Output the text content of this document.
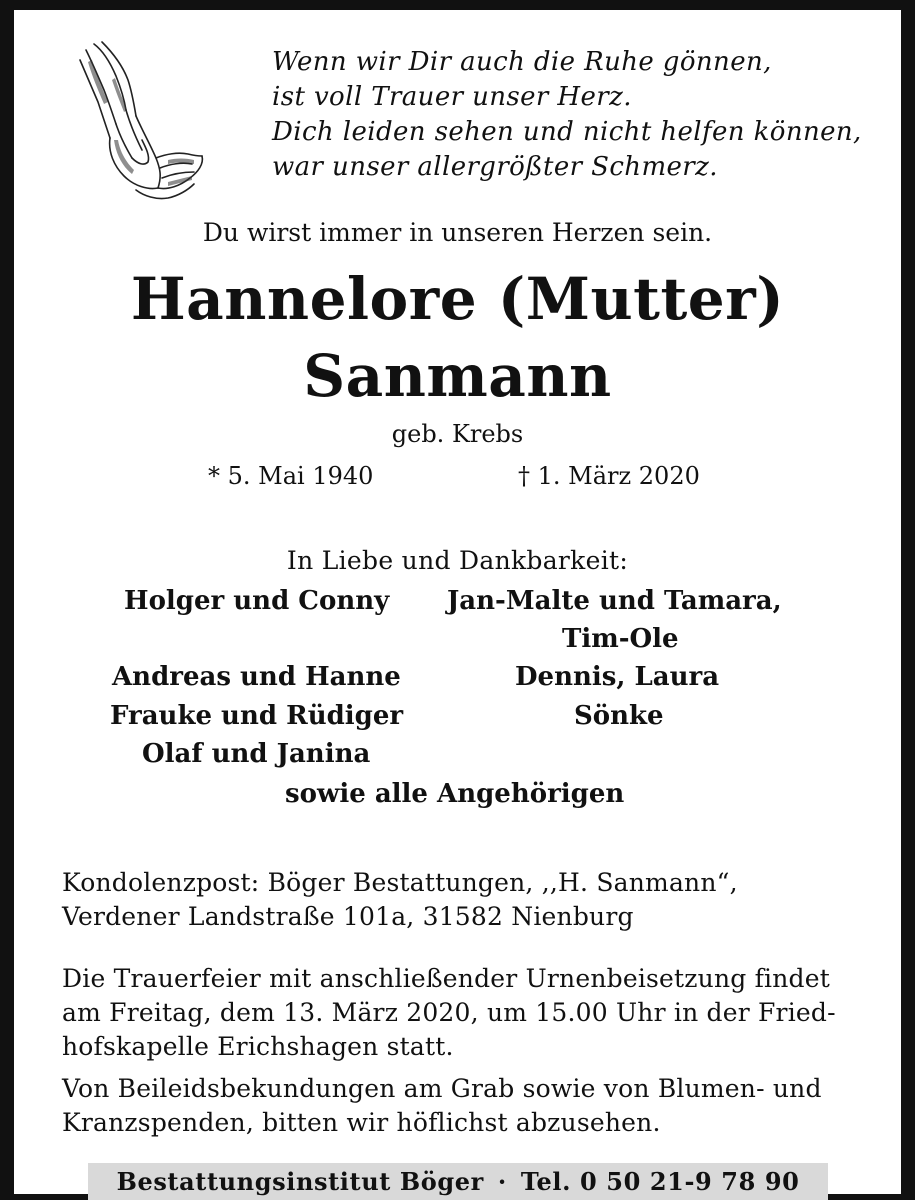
Wenn wir Dir auch die Ruhe gönnen,
ist voll Trauer unser Herz.
Dich leiden sehen und nicht helfen können,
war unser allergrößter Schmerz.
Du wirst immer in unseren Herzen sein.
Hannelore (Mutter)
Sanmann
geb. Krebs
* 5. Mai 1940	† 1. März 2020
In Liebe und Dankbarkeit:
Holger und Conny
Andreas und Hanne
Frauke und Rüdiger
Olaf und Janina
Jan-Malte und Tamara,
Tim-Ole
Dennis, Laura
Sönke
sowie alle Angehörigen
Kondolenzpost: Böger Bestattungen, ,,H. Sanmann“,
Verdener Landstraße 101a, 31582 Nienburg
Die Trauerfeier mit anschließender Urnenbeisetzung findet
am Freitag, dem 13. März 2020, um 15.00 Uhr in der Fried-
hofskapelle Erichshagen statt.
Von Beileidsbekundungen am Grab sowie von Blumen- und
Kranzspenden, bitten wir höflichst abzusehen.
Bestattungsinstitut Böger · Tel. 0 50 21-9 78 90
